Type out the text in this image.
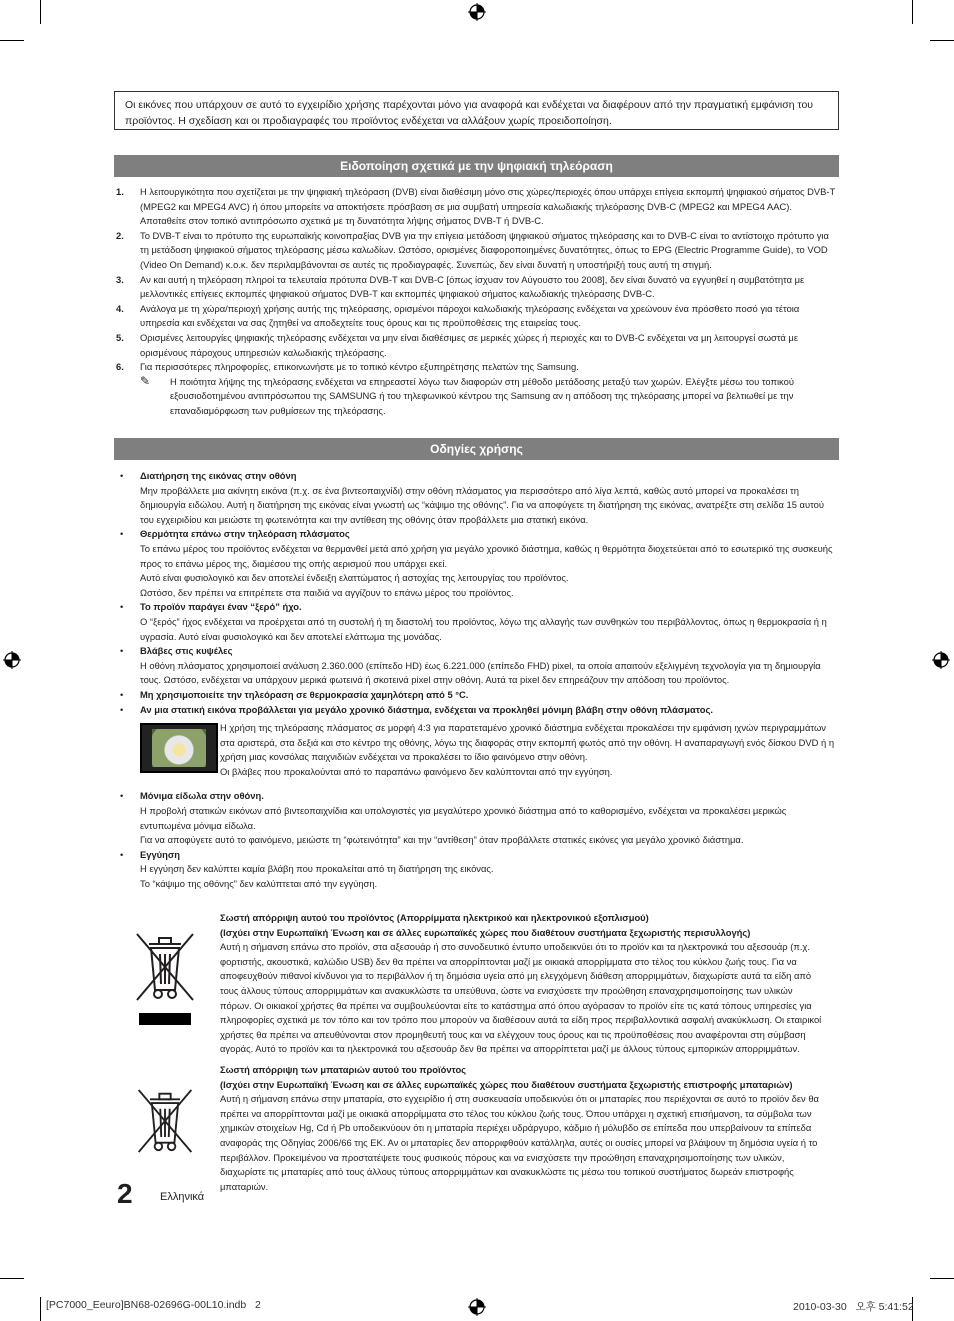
Οι εικόνες που υπάρχουν σε αυτό το εγχειρίδιο χρήσης παρέχονται μόνο για αναφορά και ενδέχεται να διαφέρουν από την πραγματική εμφάνιση του προϊόντος. Η σχεδίαση και οι προδιαγραφές του προϊόντος ενδέχεται να αλλάξουν χωρίς προειδοποίηση.
Ειδοποίηση σχετικά με την ψηφιακή τηλεόραση
1. Η λειτουργικότητα που σχετίζεται με την ψηφιακή τηλεόραση (DVB) είναι διαθέσιμη μόνο στις χώρες/περιοχές όπου υπάρχει επίγεια εκπομπή ψηφιακού σήματος DVB-T (MPEG2 και MPEG4 AVC) ή όπου μπορείτε να αποκτήσετε πρόσβαση σε μια συμβατή υπηρεσία καλωδιακής τηλεόρασης DVB-C (MPEG2 και MPEG4 AAC). Αποταθείτε στον τοπικό αντιπρόσωπο σχετικά με τη δυνατότητα λήψης σήματος DVB-T ή DVB-C.
2. Το DVB-T είναι το πρότυπο της ευρωπαϊκής κοινοπραξίας DVB για την επίγεια μετάδοση ψηφιακού σήματος τηλεόρασης και το DVB-C είναι το αντίστοιχο πρότυπο για τη μετάδοση ψηφιακού σήματος τηλεόρασης μέσω καλωδίων. Ωστόσο, ορισμένες διαφοροποιημένες δυνατότητες, όπως το EPG (Electric Programme Guide), το VOD (Video On Demand) κ.ο.κ. δεν περιλαμβάνονται σε αυτές τις προδιαγραφές. Συνεπώς, δεν είναι δυνατή η υποστήριξή τους αυτή τη στιγμή.
3. Αν και αυτή η τηλεόραση πληροί τα τελευταία πρότυπα DVB-T και DVB-C [όπως ίσχυαν τον Αύγουστο του 2008], δεν είναι δυνατό να εγγυηθεί η συμβατότητα με μελλοντικές επίγειες εκπομπές ψηφιακού σήματος DVB-T και εκπομπές ψηφιακού σήματος καλωδιακής τηλεόρασης DVB-C.
4. Ανάλογα με τη χώρα/περιοχή χρήσης αυτής της τηλεόρασης, ορισμένοι πάροχοι καλωδιακής τηλεόρασης ενδέχεται να χρεώνουν ένα πρόσθετο ποσό για τέτοια υπηρεσία και ενδέχεται να σας ζητηθεί να αποδεχτείτε τους όρους και τις προϋποθέσεις της εταιρείας τους.
5. Ορισμένες λειτουργίες ψηφιακής τηλεόρασης ενδέχεται να μην είναι διαθέσιμες σε μερικές χώρες ή περιοχές και το DVB-C ενδέχεται να μη λειτουργεί σωστά με ορισμένους πάροχους υπηρεσιών καλωδιακής τηλεόρασης.
6. Για περισσότερες πληροφορίες, επικοινωνήστε με το τοπικό κέντρο εξυπηρέτησης πελατών της Samsung.
✎ Η ποιότητα λήψης της τηλεόρασης ενδέχεται να επηρεαστεί λόγω των διαφορών στη μέθοδο μετάδοσης μεταξύ των χωρών. Ελέγξτε μέσω του τοπικού εξουσιοδοτημένου αντιπρόσωπου της SAMSUNG ή του τηλεφωνικού κέντρου της Samsung αν η απόδοση της τηλεόρασης μπορεί να βελτιωθεί με την επαναδιαμόρφωση των ρυθμίσεων της τηλεόρασης.
Οδηγίες χρήσης
• Διατήρηση της εικόνας στην οθόνη
Μην προβάλλετε μια ακίνητη εικόνα (π.χ. σε ένα βιντεοπαιχνίδι) στην οθόνη πλάσματος για περισσότερο από λίγα λεπτά, καθώς αυτό μπορεί να προκαλέσει τη δημιουργία ειδώλου. Αυτή η διατήρηση της εικόνας είναι γνωστή ως “κάψιμο της οθόνης”. Για να αποφύγετε τη διατήρηση της εικόνας, ανατρέξτε στη σελίδα 15 αυτού του εγχειριδίου και μειώστε τη φωτεινότητα και την αντίθεση της οθόνης όταν προβάλλετε μια στατική εικόνα.
• Θερμότητα επάνω στην τηλεόραση πλάσματος
Το επάνω μέρος του προϊόντος ενδέχεται να θερμανθεί μετά από χρήση για μεγάλο χρονικό διάστημα, καθώς η θερμότητα διοχετεύεται από το εσωτερικό της συσκευής προς το επάνω μέρος της, διαμέσου της οπής αερισμού που υπάρχει εκεί.
Αυτό είναι φυσιολογικό και δεν αποτελεί ένδειξη ελαττώματος ή αστοχίας της λειτουργίας του προϊόντος.
Ωστόσο, δεν πρέπει να επιτρέπετε στα παιδιά να αγγίζουν το επάνω μέρος του προϊόντος.
• Το προϊόν παράγει έναν “ξερό” ήχο.
Ο “ξερός” ήχος ενδέχεται να προέρχεται από τη συστολή ή τη διαστολή του προϊόντος, λόγω της αλλαγής των συνθηκών του περιβάλλοντος, όπως η θερμοκρασία ή η υγρασία. Αυτό είναι φυσιολογικό και δεν αποτελεί ελάττωμα της μονάδας.
• Βλάβες στις κυψέλες
Η οθόνη πλάσματος χρησιμοποιεί ανάλυση 2.360.000 (επίπεδο HD) έως 6.221.000 (επίπεδο FHD) pixel, τα οποία απαιτούν εξελιγμένη τεχνολογία για τη δημιουργία τους. Ωστόσο, ενδέχεται να υπάρχουν μερικά φωτεινά ή σκοτεινά pixel στην οθόνη. Αυτά τα pixel δεν επηρεάζουν την απόδοση του προϊόντος.
• Μη χρησιμοποιείτε την τηλεόραση σε θερμοκρασία χαμηλότερη από 5 °C.
• Αν μια στατική εικόνα προβάλλεται για μεγάλο χρονικό διάστημα, ενδέχεται να προκληθεί μόνιμη βλάβη στην οθόνη πλάσματος.
Η χρήση της τηλεόρασης πλάσματος σε μορφή 4:3 για παρατεταμένο χρονικό διάστημα ενδέχεται προκαλέσει την εμφάνιση ιχνών περιγραμμάτων στα αριστερά, στα δεξιά και στο κέντρο της οθόνης, λόγω της διαφοράς στην εκπομπή φωτός από την οθόνη. Η αναπαραγωγή ενός δίσκου DVD ή η χρήση μιας κονσόλας παιχνιδιών ενδέχεται να προκαλέσει το ίδιο φαινόμενο στην οθόνη.
Οι βλάβες που προκαλούνται από το παραπάνω φαινόμενο δεν καλύπτονται από την εγγύηση.
• Μόνιμα είδωλα στην οθόνη.
Η προβολή στατικών εικόνων από βιντεοπαιχνίδια και υπολογιστές για μεγαλύτερο χρονικό διάστημα από το καθορισμένο, ενδέχεται να προκαλέσει μερικώς εντυπωμένα μόνιμα είδωλα.
Για να αποφύγετε αυτό το φαινόμενο, μειώστε τη “φωτεινότητα” και την “αντίθεση” όταν προβάλλετε στατικές εικόνες για μεγάλο χρονικό διάστημα.
• Εγγύηση
Η εγγύηση δεν καλύπτει καμία βλάβη που προκαλείται από τη διατήρηση της εικόνας.
Το “κάψιμο της οθόνης” δεν καλύπτεται από την εγγύηση.
Σωστή απόρριψη αυτού του προϊόντος (Απορρίμματα ηλεκτρικού και ηλεκτρονικού εξοπλισμού)
(Ισχύει στην Ευρωπαϊκή Ένωση και σε άλλες ευρωπαϊκές χώρες που διαθέτουν συστήματα ξεχωριστής περισυλλογής)
Αυτή η σήμανση επάνω στο προϊόν, στα αξεσουάρ ή στο συνοδευτικό έντυπο υποδεικνύει ότι το προϊόν και τα ηλεκτρονικά του αξεσουάρ (π.χ. φορτιστής, ακουστικά, καλώδιο USB) δεν θα πρέπει να απορρίπτονται μαζί με οικιακά απορρίμματα στο τέλος του κύκλου ζωής τους. Για να αποφευχθούν πιθανοί κίνδυνοι για το περιβάλλον ή τη δημόσια υγεία από μη ελεγχόμενη διάθεση απορριμμάτων, διαχωρίστε αυτά τα είδη από τους άλλους τύπους απορριμμάτων και ανακυκλώστε τα υπεύθυνα, ώστε να ενισχύσετε την προώθηση επαναχρησιμοποίησης των υλικών πόρων. Οι οικιακοί χρήστες θα πρέπει να συμβουλεύονται είτε το κατάστημα από όπου αγόρασαν το προϊόν είτε τις κατά τόπους υπηρεσίες για πληροφορίες σχετικά με τον τόπο και τον τρόπο που μπορούν να διαθέσουν αυτά τα είδη προς περιβαλλοντικά ασφαλή ανακύκλωση. Οι εταιρικοί χρήστες θα πρέπει να απευθύνονται στον προμηθευτή τους και να ελέγχουν τους όρους και τις προϋποθέσεις που αναφέρονται στη σύμβαση αγοράς. Αυτό το προϊόν και τα ηλεκτρονικά του αξεσουάρ δεν θα πρέπει να απορρίπτεται μαζί με άλλους τύπους εμπορικών απορριμμάτων.
Σωστή απόρριψη των μπαταριών αυτού του προϊόντος
(Ισχύει στην Ευρωπαϊκή Ένωση και σε άλλες ευρωπαϊκές χώρες που διαθέτουν συστήματα ξεχωριστής επιστροφής μπαταριών)
Αυτή η σήμανση επάνω στην μπαταρία, στο εγχειρίδιο ή στη συσκευασία υποδεικνύει ότι οι μπαταρίες που περιέχονται σε αυτό το προϊόν δεν θα πρέπει να απορρίπτονται μαζί με οικιακά απορρίμματα στο τέλος του κύκλου ζωής τους. Όπου υπάρχει η σχετική επισήμανση, τα σύμβολα των χημικών στοιχείων Hg, Cd ή Pb υποδεικνύουν ότι η μπαταρία περιέχει υδράργυρο, κάδμιο ή μόλυβδο σε επίπεδα που υπερβαίνουν τα επίπεδα αναφοράς της Οδηγίας 2006/66 της ΕΚ. Αν οι μπαταρίες δεν απορριφθούν κατάλληλα, αυτές οι ουσίες μπορεί να βλάψουν τη δημόσια υγεία ή το περιβάλλον. Προκειμένου να προστατέψετε τους φυσικούς πόρους και να ενισχύσετε την προώθηση επαναχρησιμοποίησης των υλικών, διαχωρίστε τις μπαταρίες από τους άλλους τύπους απορριμμάτων και ανακυκλώστε τις μέσω του τοπικού συστήματος δωρεάν επιστροφής μπαταριών.
2 Ελληνικά
[PC7000_Eeuro]BN68-02696G-00L10.indb   2	2010-03-30   오후 5:41:52
